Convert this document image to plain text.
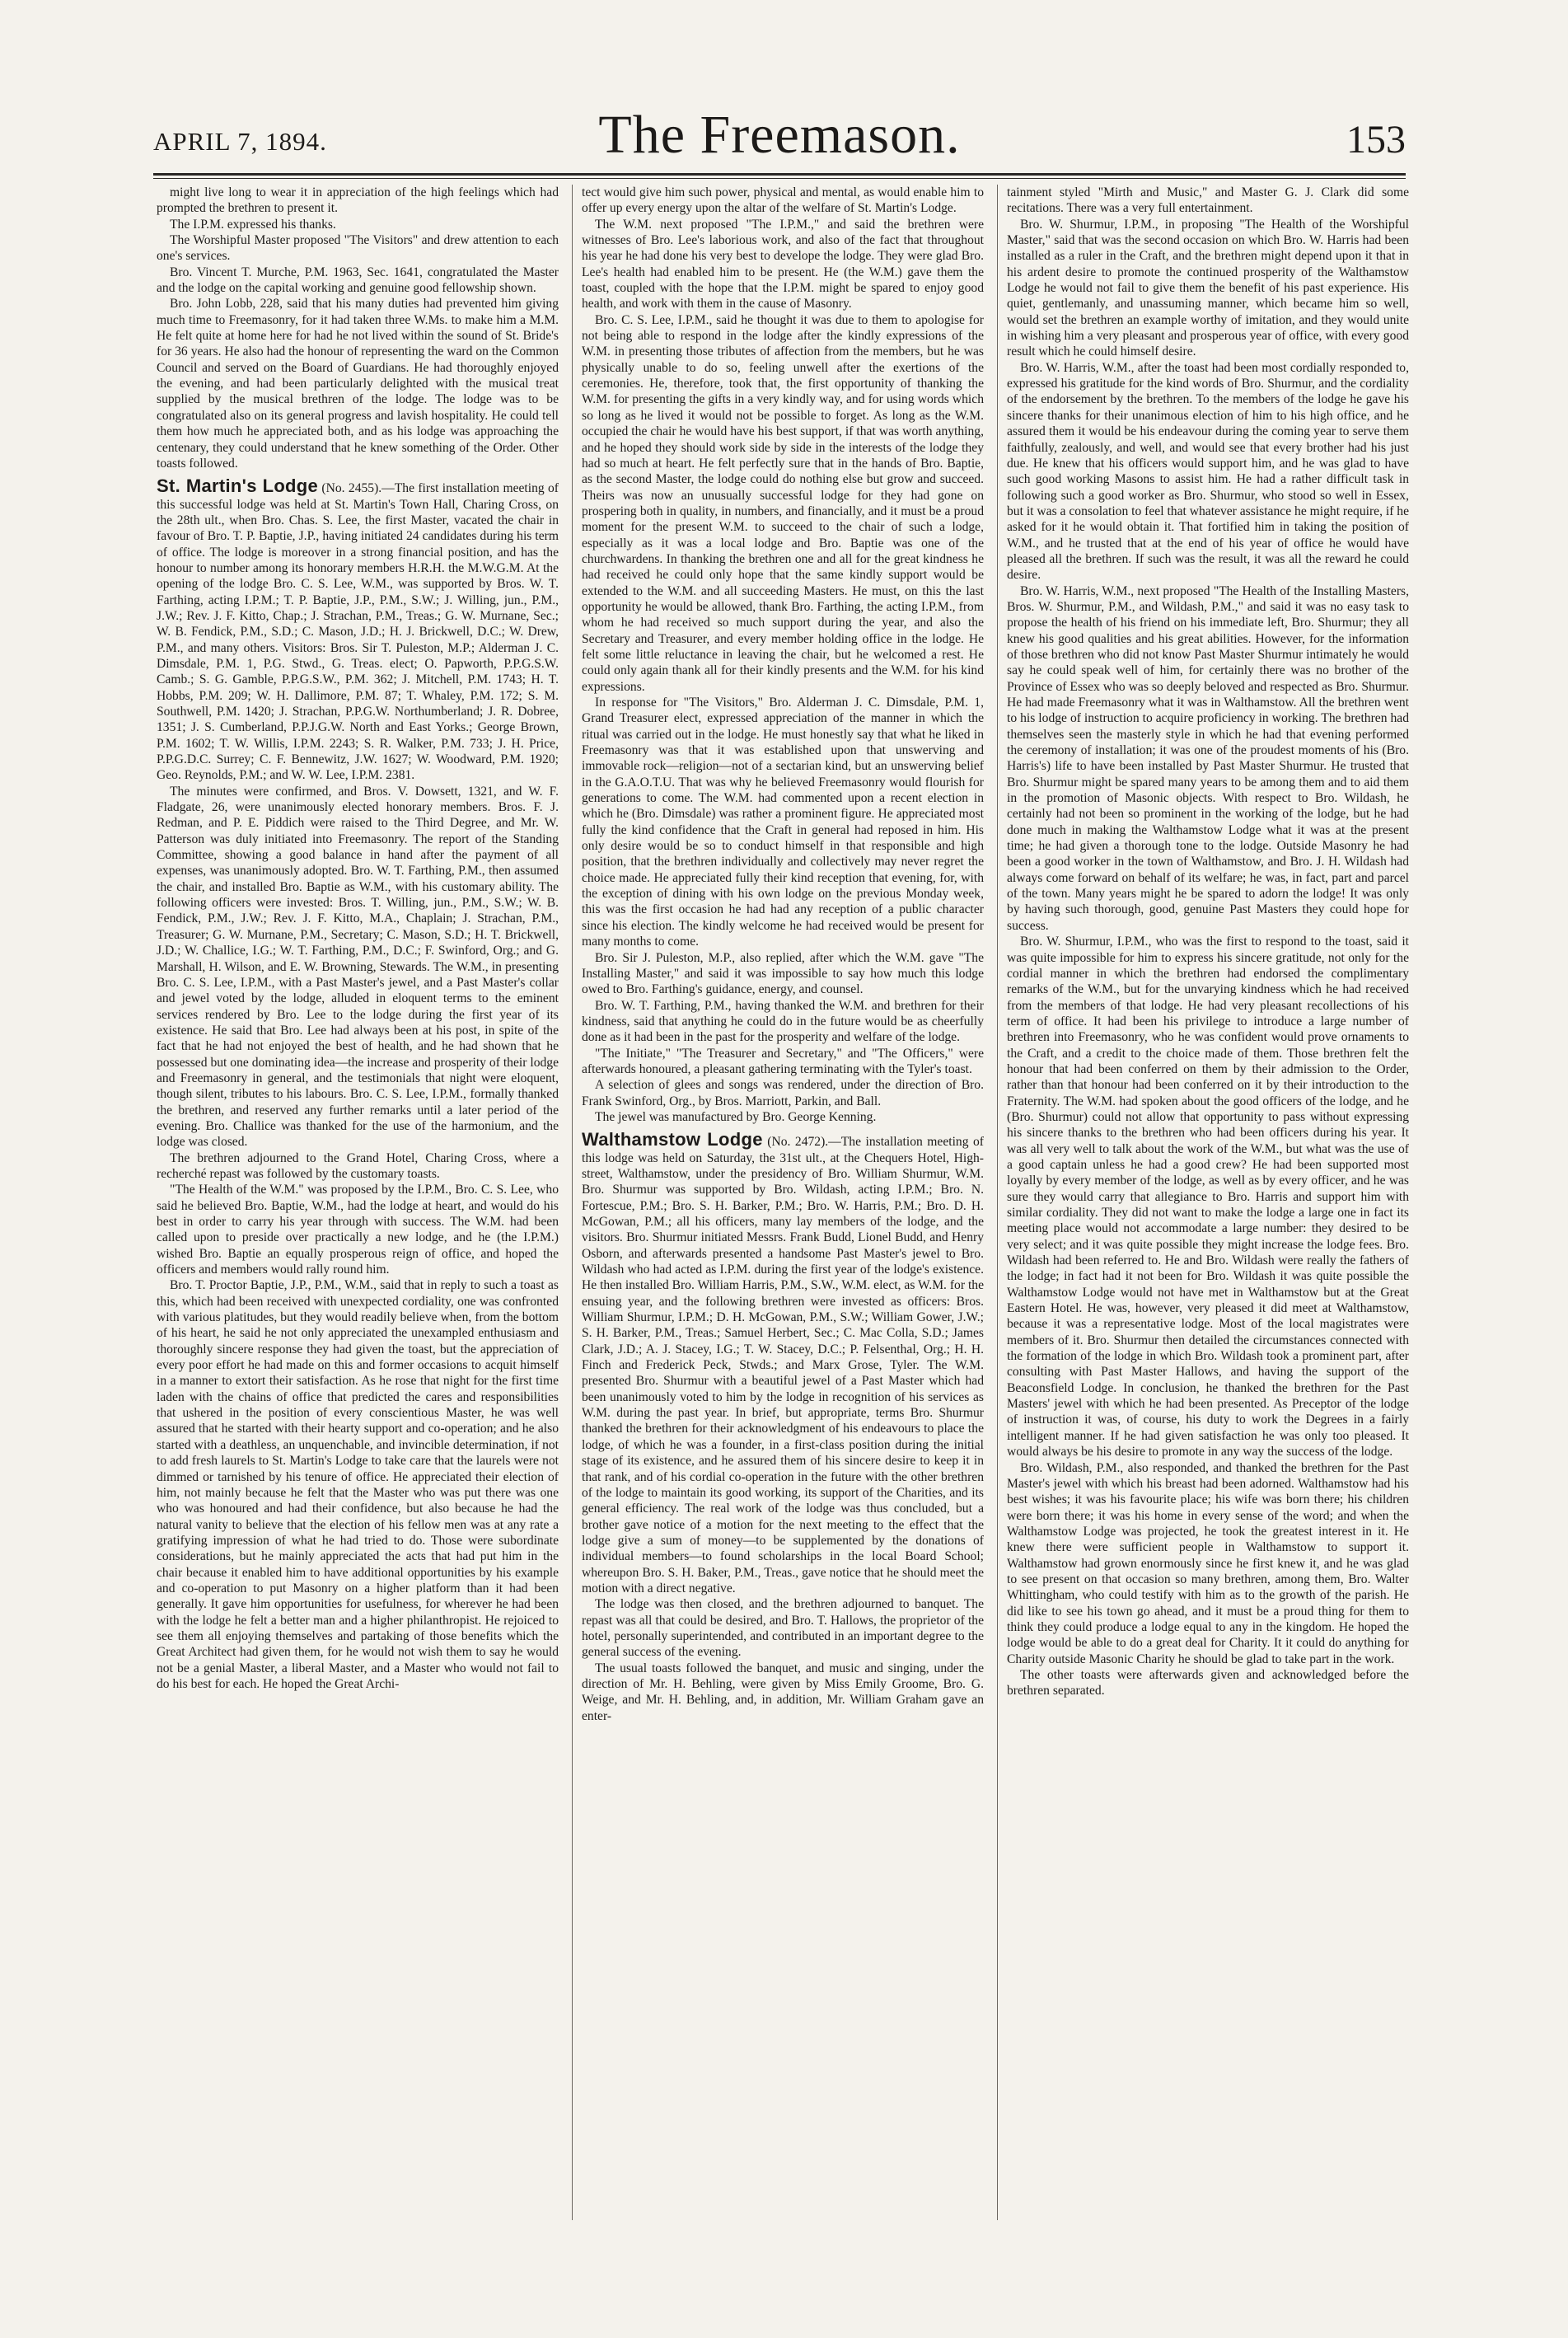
APRIL 7, 1894.	The Freemason.	153

might live long to wear it in appreciation of the high feelings which had prompted the brethren to present it.

The I.P.M. expressed his thanks.

The Worshipful Master proposed "The Visitors" and drew attention to each one's services.

Bro. Vincent T. Murche, P.M. 1963, Sec. 1641, congratulated the Master and the lodge on the capital working and genuine good fellowship shown.

Bro. John Lobb, 228, said that his many duties had prevented him giving much time to Freemasonry, for it had taken three W.Ms. to make him a M.M. He felt quite at home here for had he not lived within the sound of St. Bride's for 36 years. He also had the honour of representing the ward on the Common Council and served on the Board of Guardians. He had thoroughly enjoyed the evening, and had been particularly delighted with the musical treat supplied by the musical brethren of the lodge. The lodge was to be congratulated also on its general progress and lavish hospitality. He could tell them how much he appreciated both, and as his lodge was approaching the centenary, they could understand that he knew something of the Order. Other toasts followed.

St. Martin's Lodge (No. 2455).—The first installation meeting of this successful lodge was held at St. Martin's Town Hall, Charing Cross, on the 28th ult., when Bro. Chas. S. Lee, the first Master, vacated the chair in favour of Bro. T. P. Baptie, J.P., having initiated 24 candidates during his term of office. The lodge is moreover in a strong financial position, and has the honour to number among its honorary members H.R.H. the M.W.G.M. At the opening of the lodge Bro. C. S. Lee, W.M., was supported by Bros. W. T. Farthing, acting I.P.M.; T. P. Baptie, J.P., P.M., S.W.; J. Willing, jun., P.M., J.W.; Rev. J. F. Kitto, Chap.; J. Strachan, P.M., Treas.; G. W. Murnane, Sec.; W. B. Fendick, P.M., S.D.; C. Mason, J.D.; H. J. Brickwell, D.C.; W. Drew, P.M., and many others. Visitors: Bros. Sir T. Puleston, M.P.; Alderman J. C. Dimsdale, P.M. 1, P.G. Stwd., G. Treas. elect; O. Papworth, P.P.G.S.W. Camb.; S. G. Gamble, P.P.G.S.W., P.M. 362; J. Mitchell, P.M. 1743; H. T. Hobbs, P.M. 209; W. H. Dallimore, P.M. 87; T. Whaley, P.M. 172; S. M. Southwell, P.M. 1420; J. Strachan, P.P.G.W. Northumberland; J. R. Dobree, 1351; J. S. Cumberland, P.P.J.G.W. North and East Yorks.; George Brown, P.M. 1602; T. W. Willis, I.P.M. 2243; S. R. Walker, P.M. 733; J. H. Price, P.P.G.D.C. Surrey; C. F. Bennewitz, J.W. 1627; W. Woodward, P.M. 1920; Geo. Reynolds, P.M.; and W. W. Lee, I.P.M. 2381.

The minutes were confirmed, and Bros. V. Dowsett, 1321, and W. F. Fladgate, 26, were unanimously elected honorary members. Bros. F. J. Redman, and P. E. Piddich were raised to the Third Degree, and Mr. W. Patterson was duly initiated into Freemasonry. The report of the Standing Committee, showing a good balance in hand after the payment of all expenses, was unanimously adopted. Bro. W. T. Farthing, P.M., then assumed the chair, and installed Bro. Baptie as W.M., with his customary ability. The following officers were invested: Bros. T. Willing, jun., P.M., S.W.; W. B. Fendick, P.M., J.W.; Rev. J. F. Kitto, M.A., Chaplain; J. Strachan, P.M., Treasurer; G. W. Murnane, P.M., Secretary; C. Mason, S.D.; H. T. Brickwell, J.D.; W. Challice, I.G.; W. T. Farthing, P.M., D.C.; F. Swinford, Org.; and G. Marshall, H. Wilson, and E. W. Browning, Stewards. The W.M., in presenting Bro. C. S. Lee, I.P.M., with a Past Master's jewel, and a Past Master's collar and jewel voted by the lodge, alluded in eloquent terms to the eminent services rendered by Bro. Lee to the lodge during the first year of its existence. He said that Bro. Lee had always been at his post, in spite of the fact that he had not enjoyed the best of health, and he had shown that he possessed but one dominating idea—the increase and prosperity of their lodge and Freemasonry in general, and the testimonials that night were eloquent, though silent, tributes to his labours. Bro. C. S. Lee, I.P.M., formally thanked the brethren, and reserved any further remarks until a later period of the evening. Bro. Challice was thanked for the use of the harmonium, and the lodge was closed.

The brethren adjourned to the Grand Hotel, Charing Cross, where a recherché repast was followed by the customary toasts.

"The Health of the W.M." was proposed by the I.P.M., Bro. C. S. Lee, who said he believed Bro. Baptie, W.M., had the lodge at heart, and would do his best in order to carry his year through with success. The W.M. had been called upon to preside over practically a new lodge, and he (the I.P.M.) wished Bro. Baptie an equally prosperous reign of office, and hoped the officers and members would rally round him.

Bro. T. Proctor Baptie, J.P., P.M., W.M., said that in reply to such a toast as this, which had been received with unexpected cordiality, one was confronted with various platitudes, but they would readily believe when, from the bottom of his heart, he said he not only appreciated the unexampled enthusiasm and thoroughly sincere response they had given the toast, but the appreciation of every poor effort he had made on this and former occasions to acquit himself in a manner to extort their satisfaction. As he rose that night for the first time laden with the chains of office that predicted the cares and responsibilities that ushered in the position of every conscientious Master, he was well assured that he started with their hearty support and co-operation; and he also started with a deathless, an unquenchable, and invincible determination, if not to add fresh laurels to St. Martin's Lodge to take care that the laurels were not dimmed or tarnished by his tenure of office. He appreciated their election of him, not mainly because he felt that the Master who was put there was one who was honoured and had their confidence, but also because he had the natural vanity to believe that the election of his fellow men was at any rate a gratifying impression of what he had tried to do. Those were subordinate considerations, but he mainly appreciated the acts that had put him in the chair because it enabled him to have additional opportunities by his example and co-operation to put Masonry on a higher platform than it had been generally. It gave him opportunities for usefulness, for wherever he had been with the lodge he felt a better man and a higher philanthropist. He rejoiced to see them all enjoying themselves and partaking of those benefits which the Great Architect had given them, for he would not wish them to say he would not be a genial Master, a liberal Master, and a Master who would not fail to do his best for each. He hoped the Great Archi-

tect would give him such power, physical and mental, as would enable him to offer up every energy upon the altar of the welfare of St. Martin's Lodge.

The W.M. next proposed "The I.P.M.," and said the brethren were witnesses of Bro. Lee's laborious work, and also of the fact that throughout his year he had done his very best to develope the lodge. They were glad Bro. Lee's health had enabled him to be present. He (the W.M.) gave them the toast, coupled with the hope that the I.P.M. might be spared to enjoy good health, and work with them in the cause of Masonry.

Bro. C. S. Lee, I.P.M., said he thought it was due to them to apologise for not being able to respond in the lodge after the kindly expressions of the W.M. in presenting those tributes of affection from the members, but he was physically unable to do so, feeling unwell after the exertions of the ceremonies. He, therefore, took that, the first opportunity of thanking the W.M. for presenting the gifts in a very kindly way, and for using words which so long as he lived it would not be possible to forget. As long as the W.M. occupied the chair he would have his best support, if that was worth anything, and he hoped they should work side by side in the interests of the lodge they had so much at heart. He felt perfectly sure that in the hands of Bro. Baptie, as the second Master, the lodge could do nothing else but grow and succeed. Theirs was now an unusually successful lodge for they had gone on prospering both in quality, in numbers, and financially, and it must be a proud moment for the present W.M. to succeed to the chair of such a lodge, especially as it was a local lodge and Bro. Baptie was one of the churchwardens. In thanking the brethren one and all for the great kindness he had received he could only hope that the same kindly support would be extended to the W.M. and all succeeding Masters. He must, on this the last opportunity he would be allowed, thank Bro. Farthing, the acting I.P.M., from whom he had received so much support during the year, and also the Secretary and Treasurer, and every member holding office in the lodge. He felt some little reluctance in leaving the chair, but he welcomed a rest. He could only again thank all for their kindly presents and the W.M. for his kind expressions.

In response for "The Visitors," Bro. Alderman J. C. Dimsdale, P.M. 1, Grand Treasurer elect, expressed appreciation of the manner in which the ritual was carried out in the lodge. He must honestly say that what he liked in Freemasonry was that it was established upon that unswerving and immovable rock—religion—not of a sectarian kind, but an unswerving belief in the G.A.O.T.U. That was why he believed Freemasonry would flourish for generations to come. The W.M. had commented upon a recent election in which he (Bro. Dimsdale) was rather a prominent figure. He appreciated most fully the kind confidence that the Craft in general had reposed in him. His only desire would be so to conduct himself in that responsible and high position, that the brethren individually and collectively may never regret the choice made. He appreciated fully their kind reception that evening, for, with the exception of dining with his own lodge on the previous Monday week, this was the first occasion he had had any reception of a public character since his election. The kindly welcome he had received would be present for many months to come.

Bro. Sir J. Puleston, M.P., also replied, after which the W.M. gave "The Installing Master," and said it was impossible to say how much this lodge owed to Bro. Farthing's guidance, energy, and counsel.

Bro. W. T. Farthing, P.M., having thanked the W.M. and brethren for their kindness, said that anything he could do in the future would be as cheerfully done as it had been in the past for the prosperity and welfare of the lodge.

"The Initiate," "The Treasurer and Secretary," and "The Officers," were afterwards honoured, a pleasant gathering terminating with the Tyler's toast.

A selection of glees and songs was rendered, under the direction of Bro. Frank Swinford, Org., by Bros. Marriott, Parkin, and Ball.

The jewel was manufactured by Bro. George Kenning.

Walthamstow Lodge (No. 2472).—The installation meeting of this lodge was held on Saturday, the 31st ult., at the Chequers Hotel, High-street, Walthamstow, under the presidency of Bro. William Shurmur, W.M. Bro. Shurmur was supported by Bro. Wildash, acting I.P.M.; Bro. N. Fortescue, P.M.; Bro. S. H. Barker, P.M.; Bro. W. Harris, P.M.; Bro. D. H. McGowan, P.M.; all his officers, many lay members of the lodge, and the visitors. Bro. Shurmur initiated Messrs. Frank Budd, Lionel Budd, and Henry Osborn, and afterwards presented a handsome Past Master's jewel to Bro. Wildash who had acted as I.P.M. during the first year of the lodge's existence. He then installed Bro. William Harris, P.M., S.W., W.M. elect, as W.M. for the ensuing year, and the following brethren were invested as officers: Bros. William Shurmur, I.P.M.; D. H. McGowan, P.M., S.W.; William Gower, J.W.; S. H. Barker, P.M., Treas.; Samuel Herbert, Sec.; C. Mac Colla, S.D.; James Clark, J.D.; A. J. Stacey, I.G.; T. W. Stacey, D.C.; P. Felsenthal, Org.; H. H. Finch and Frederick Peck, Stwds.; and Marx Grose, Tyler. The W.M. presented Bro. Shurmur with a beautiful jewel of a Past Master which had been unanimously voted to him by the lodge in recognition of his services as W.M. during the past year. In brief, but appropriate, terms Bro. Shurmur thanked the brethren for their acknowledgment of his endeavours to place the lodge, of which he was a founder, in a first-class position during the initial stage of its existence, and he assured them of his sincere desire to keep it in that rank, and of his cordial co-operation in the future with the other brethren of the lodge to maintain its good working, its support of the Charities, and its general efficiency. The real work of the lodge was thus concluded, but a brother gave notice of a motion for the next meeting to the effect that the lodge give a sum of money—to be supplemented by the donations of individual members—to found scholarships in the local Board School; whereupon Bro. S. H. Baker, P.M., Treas., gave notice that he should meet the motion with a direct negative.

The lodge was then closed, and the brethren adjourned to banquet. The repast was all that could be desired, and Bro. T. Hallows, the proprietor of the hotel, personally superintended, and contributed in an important degree to the general success of the evening.

The usual toasts followed the banquet, and music and singing, under the direction of Mr. H. Behling, were given by Miss Emily Groome, Bro. G. Weige, and Mr. H. Behling, and, in addition, Mr. William Graham gave an enter-

tainment styled "Mirth and Music," and Master G. J. Clark did some recitations. There was a very full entertainment.

Bro. W. Shurmur, I.P.M., in proposing "The Health of the Worshipful Master," said that was the second occasion on which Bro. W. Harris had been installed as a ruler in the Craft, and the brethren might depend upon it that in his ardent desire to promote the continued prosperity of the Walthamstow Lodge he would not fail to give them the benefit of his past experience. His quiet, gentlemanly, and unassuming manner, which became him so well, would set the brethren an example worthy of imitation, and they would unite in wishing him a very pleasant and prosperous year of office, with every good result which he could himself desire.

Bro. W. Harris, W.M., after the toast had been most cordially responded to, expressed his gratitude for the kind words of Bro. Shurmur, and the cordiality of the endorsement by the brethren. To the members of the lodge he gave his sincere thanks for their unanimous election of him to his high office, and he assured them it would be his endeavour during the coming year to serve them faithfully, zealously, and well, and would see that every brother had his just due. He knew that his officers would support him, and he was glad to have such good working Masons to assist him. He had a rather difficult task in following such a good worker as Bro. Shurmur, who stood so well in Essex, but it was a consolation to feel that whatever assistance he might require, if he asked for it he would obtain it. That fortified him in taking the position of W.M., and he trusted that at the end of his year of office he would have pleased all the brethren. If such was the result, it was all the reward he could desire.

Bro. W. Harris, W.M., next proposed "The Health of the Installing Masters, Bros. W. Shurmur, P.M., and Wildash, P.M.," and said it was no easy task to propose the health of his friend on his immediate left, Bro. Shurmur; they all knew his good qualities and his great abilities. However, for the information of those brethren who did not know Past Master Shurmur intimately he would say he could speak well of him, for certainly there was no brother of the Province of Essex who was so deeply beloved and respected as Bro. Shurmur. He had made Freemasonry what it was in Walthamstow. All the brethren went to his lodge of instruction to acquire proficiency in working. The brethren had themselves seen the masterly style in which he had that evening performed the ceremony of installation; it was one of the proudest moments of his (Bro. Harris's) life to have been installed by Past Master Shurmur. He trusted that Bro. Shurmur might be spared many years to be among them and to aid them in the promotion of Masonic objects. With respect to Bro. Wildash, he certainly had not been so prominent in the working of the lodge, but he had done much in making the Walthamstow Lodge what it was at the present time; he had given a thorough tone to the lodge. Outside Masonry he had been a good worker in the town of Walthamstow, and Bro. J. H. Wildash had always come forward on behalf of its welfare; he was, in fact, part and parcel of the town. Many years might he be spared to adorn the lodge! It was only by having such thorough, good, genuine Past Masters they could hope for success.

Bro. W. Shurmur, I.P.M., who was the first to respond to the toast, said it was quite impossible for him to express his sincere gratitude, not only for the cordial manner in which the brethren had endorsed the complimentary remarks of the W.M., but for the unvarying kindness which he had received from the members of that lodge. He had very pleasant recollections of his term of office. It had been his privilege to introduce a large number of brethren into Freemasonry, who he was confident would prove ornaments to the Craft, and a credit to the choice made of them. Those brethren felt the honour that had been conferred on them by their admission to the Order, rather than that honour had been conferred on it by their introduction to the Fraternity. The W.M. had spoken about the good officers of the lodge, and he (Bro. Shurmur) could not allow that opportunity to pass without expressing his sincere thanks to the brethren who had been officers during his year. It was all very well to talk about the work of the W.M., but what was the use of a good captain unless he had a good crew? He had been supported most loyally by every member of the lodge, as well as by every officer, and he was sure they would carry that allegiance to Bro. Harris and support him with similar cordiality. They did not want to make the lodge a large one in fact its meeting place would not accommodate a large number: they desired to be very select; and it was quite possible they might increase the lodge fees. Bro. Wildash had been referred to. He and Bro. Wildash were really the fathers of the lodge; in fact had it not been for Bro. Wildash it was quite possible the Walthamstow Lodge would not have met in Walthamstow but at the Great Eastern Hotel. He was, however, very pleased it did meet at Walthamstow, because it was a representative lodge. Most of the local magistrates were members of it. Bro. Shurmur then detailed the circumstances connected with the formation of the lodge in which Bro. Wildash took a prominent part, after consulting with Past Master Hallows, and having the support of the Beaconsfield Lodge. In conclusion, he thanked the brethren for the Past Masters' jewel with which he had been presented. As Preceptor of the lodge of instruction it was, of course, his duty to work the Degrees in a fairly intelligent manner. If he had given satisfaction he was only too pleased. It would always be his desire to promote in any way the success of the lodge.

Bro. Wildash, P.M., also responded, and thanked the brethren for the Past Master's jewel with which his breast had been adorned. Walthamstow had his best wishes; it was his favourite place; his wife was born there; his children were born there; it was his home in every sense of the word; and when the Walthamstow Lodge was projected, he took the greatest interest in it. He knew there were sufficient people in Walthamstow to support it. Walthamstow had grown enormously since he first knew it, and he was glad to see present on that occasion so many brethren, among them, Bro. Walter Whittingham, who could testify with him as to the growth of the parish. He did like to see his town go ahead, and it must be a proud thing for them to think they could produce a lodge equal to any in the kingdom. He hoped the lodge would be able to do a great deal for Charity. It it could do anything for Charity outside Masonic Charity he should be glad to take part in the work.

The other toasts were afterwards given and acknowledged before the brethren separated.
